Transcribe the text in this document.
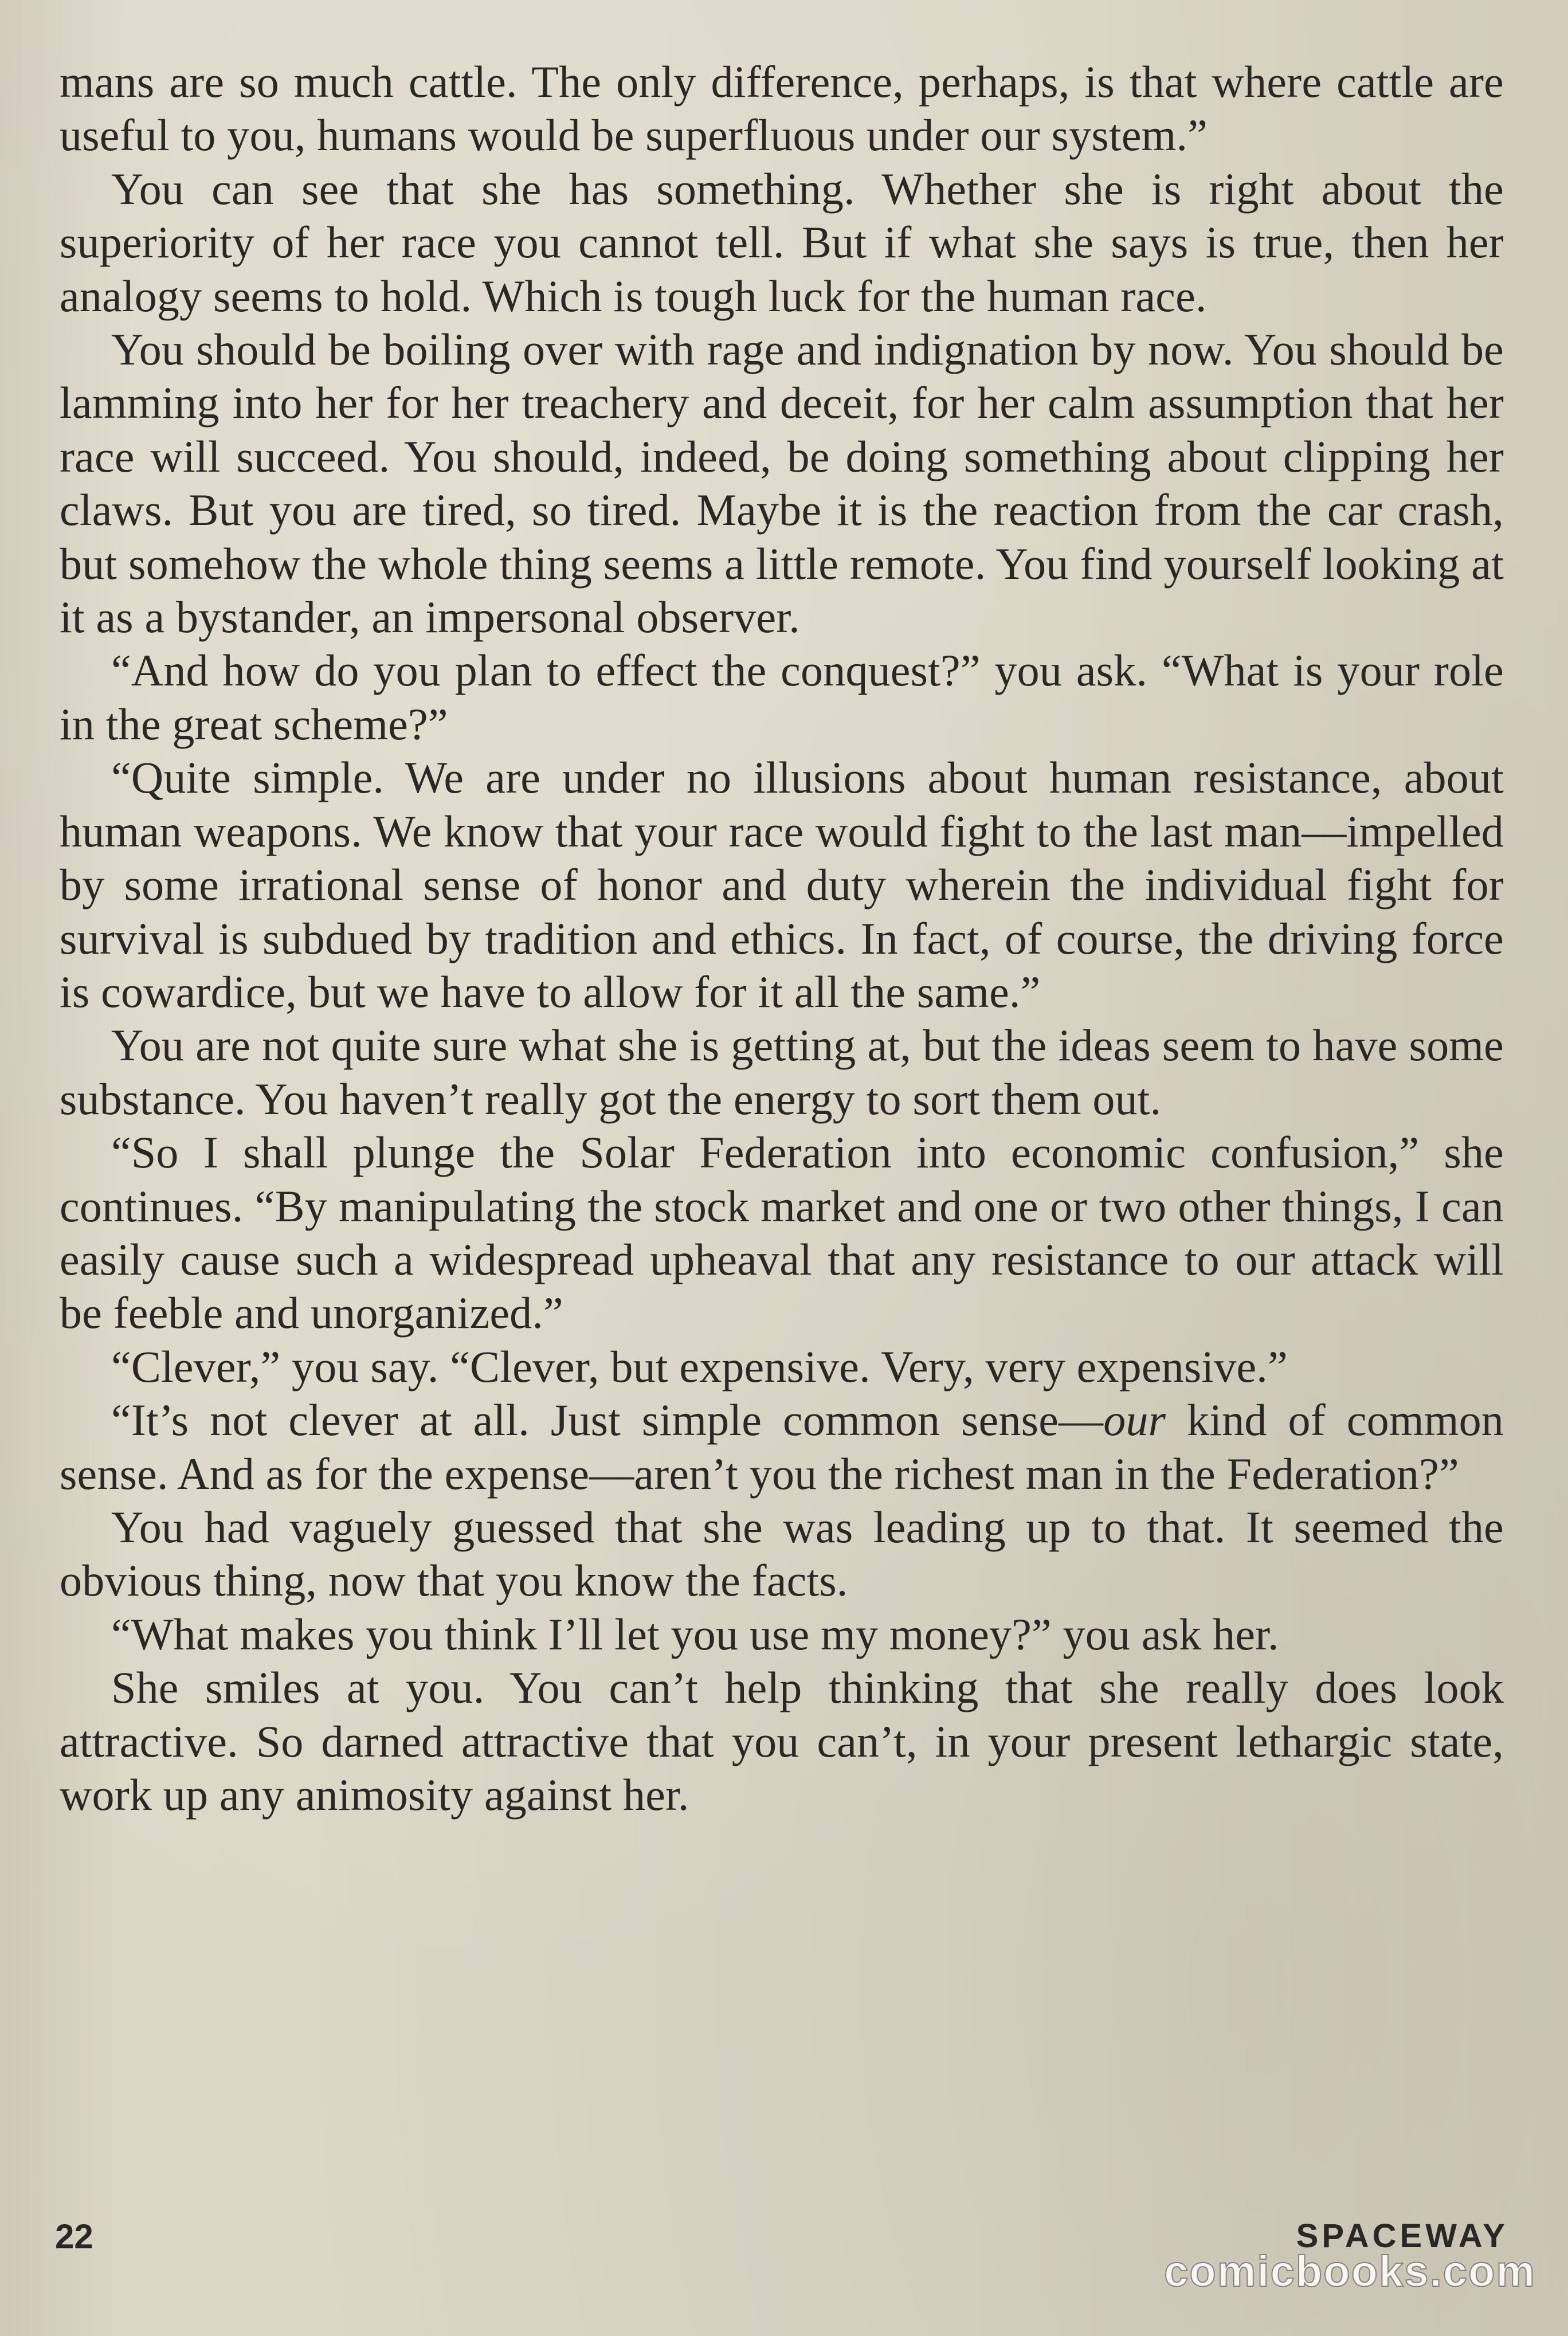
mans are so much cattle. The only difference, perhaps, is that where cattle are useful to you, humans would be superfluous under our system.”

You can see that she has something. Whether she is right about the superiority of her race you cannot tell. But if what she says is true, then her analogy seems to hold. Which is tough luck for the human race.

You should be boiling over with rage and indignation by now. You should be lamming into her for her treachery and deceit, for her calm assumption that her race will succeed. You should, indeed, be doing something about clipping her claws. But you are tired, so tired. Maybe it is the reaction from the car crash, but somehow the whole thing seems a little remote. You find yourself looking at it as a bystander, an impersonal observer.

“And how do you plan to effect the conquest?” you ask. “What is your role in the great scheme?”

“Quite simple. We are under no illusions about human resistance, about human weapons. We know that your race would fight to the last man—impelled by some irrational sense of honor and duty wherein the individual fight for survival is subdued by tradition and ethics. In fact, of course, the driving force is cowardice, but we have to allow for it all the same.”

You are not quite sure what she is getting at, but the ideas seem to have some substance. You haven’t really got the energy to sort them out.

“So I shall plunge the Solar Federation into economic confusion,” she continues. “By manipulating the stock market and one or two other things, I can easily cause such a widespread upheaval that any resistance to our attack will be feeble and unorganized.”

“Clever,” you say. “Clever, but expensive. Very, very expensive.”

“It’s not clever at all. Just simple common sense—our kind of common sense. And as for the expense—aren’t you the richest man in the Federation?”

You had vaguely guessed that she was leading up to that. It seemed the obvious thing, now that you know the facts.

“What makes you think I’ll let you use my money?” you ask her.

She smiles at you. You can’t help thinking that she really does look attractive. So darned attractive that you can’t, in your present lethargic state, work up any animosity against her.

22	SPACEWAY
comicbooks.com
